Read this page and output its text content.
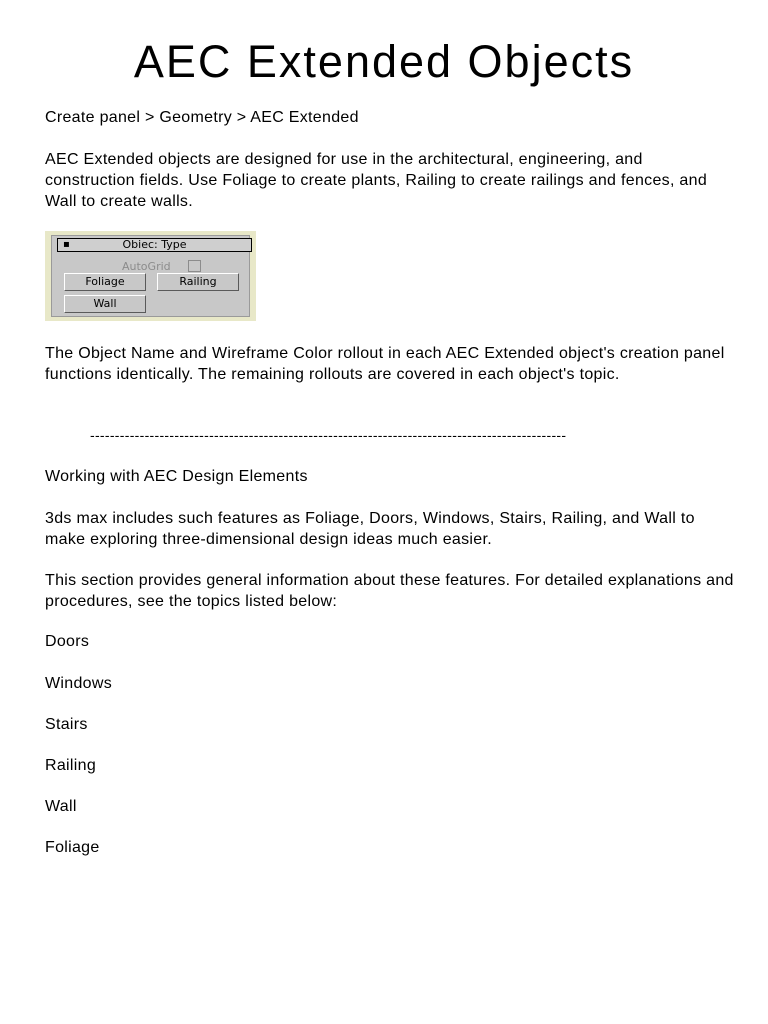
AEC Extended Objects

Create panel > Geometry > AEC Extended

AEC Extended objects are designed for use in the architectural, engineering, and construction fields. Use Foliage to create plants, Railing to create railings and fences, and Wall to create walls.

▪	Obiec: Type
AutoGrid
Foliage	Railing
Wall

The Object Name and Wireframe Color rollout in each AEC Extended object's creation panel functions identically. The remaining rollouts are covered in each object's topic.

------------------------------------------------------------------------------------------------

Working with AEC Design Elements

3ds max includes such features as Foliage, Doors, Windows, Stairs, Railing, and Wall to make exploring three-dimensional design ideas much easier.

This section provides general information about these features. For detailed explanations and procedures, see the topics listed below:

Doors

Windows

Stairs

Railing

Wall

Foliage
